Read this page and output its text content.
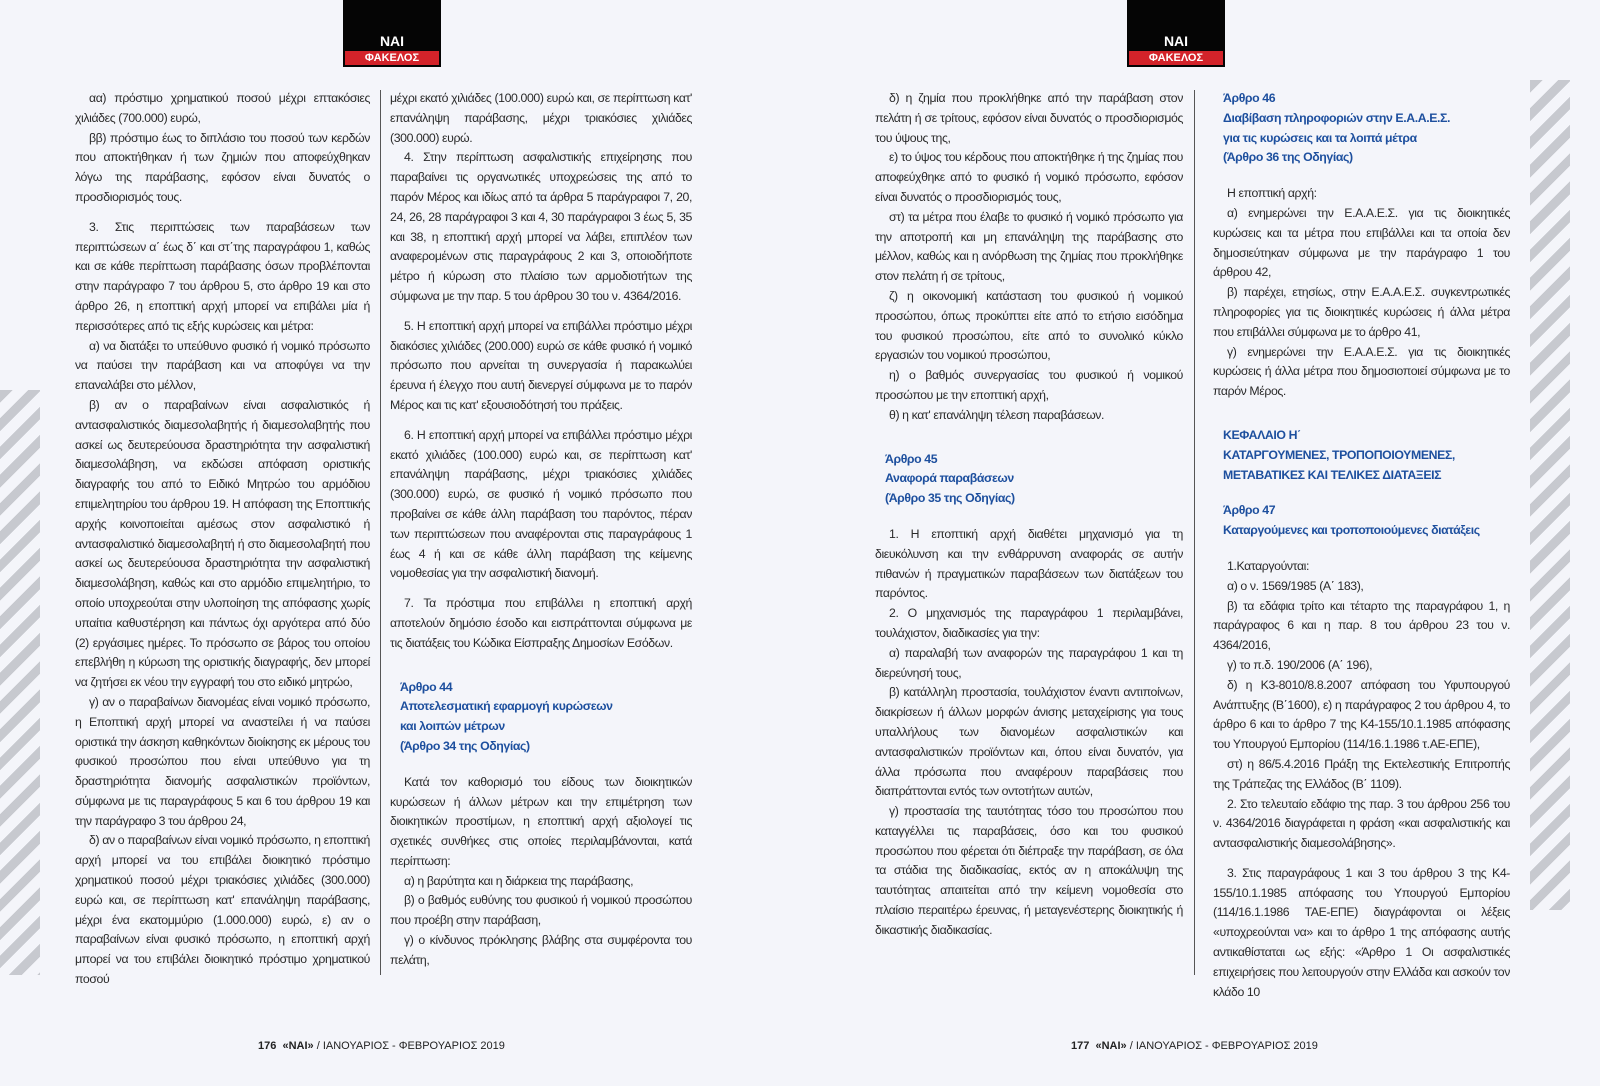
ΝΑΙ
ΦΑΚΕΛΟΣ
ΝΑΙ
ΦΑΚΕΛΟΣ

αα) πρόστιμο χρηματικού ποσού μέχρι επτακόσιες χιλιάδες (700.000) ευρώ,

ββ) πρόστιμο έως το διπλάσιο του ποσού των κερδών που αποκτήθηκαν ή των ζημιών που αποφεύχθηκαν λόγω της παράβασης, εφόσον είναι δυνατός ο προσδιορισμός τους.

3. Στις περιπτώσεις των παραβάσεων των περιπτώσεων α΄ έως δ΄ και στ΄της παραγράφου 1, καθώς και σε κάθε περίπτωση παράβασης όσων προβλέπονται στην παράγραφο 7 του άρθρου 5, στο άρθρο 19 και στο άρθρο 26, η εποπτική αρχή μπορεί να επιβάλει μία ή περισσότερες από τις εξής κυρώσεις και μέτρα:

α) να διατάξει το υπεύθυνο φυσικό ή νομικό πρόσωπο να παύσει την παράβαση και να αποφύγει να την επαναλάβει στο μέλλον,

β) αν ο παραβαίνων είναι ασφαλιστικός ή αντασφαλιστικός διαμεσολαβητής ή διαμεσολαβητής που ασκεί ως δευτερεύουσα δραστηριότητα την ασφαλιστική διαμεσολάβηση, να εκδώσει απόφαση οριστικής διαγραφής του από το Ειδικό Μητρώο του αρμόδιου επιμελητηρίου του άρθρου 19. Η απόφαση της Εποπτικής αρχής κοινοποιείται αμέσως στον ασφαλιστικό ή αντασφαλιστικό διαμεσολαβητή ή στο διαμεσολαβητή που ασκεί ως δευτερεύουσα δραστηριότητα την ασφαλιστική διαμεσολάβηση, καθώς και στο αρμόδιο επιμελητήριο, το οποίο υποχρεούται στην υλοποίηση της απόφασης χωρίς υπαίτια καθυστέρηση και πάντως όχι αργότερα από δύο (2) εργάσιμες ημέρες. Το πρόσωπο σε βάρος του οποίου επεβλήθη η κύρωση της οριστικής διαγραφής, δεν μπορεί να ζητήσει εκ νέου την εγγραφή του στο ειδικό μητρώο,

γ) αν ο παραβαίνων διανομέας είναι νομικό πρόσωπο, η Εποπτική αρχή μπορεί να αναστείλει ή να παύσει οριστικά την άσκηση καθηκόντων διοίκησης εκ μέρους του φυσικού προσώπου που είναι υπεύθυνο για τη δραστηριότητα διανομής ασφαλιστικών προϊόντων, σύμφωνα με τις παραγράφους 5 και 6 του άρθρου 19 και την παράγραφο 3 του άρθρου 24,

δ) αν ο παραβαίνων είναι νομικό πρόσωπο, η εποπτική αρχή μπορεί να του επιβάλει διοικητικό πρόστιμο χρηματικού ποσού μέχρι τριακόσιες χιλιάδες (300.000) ευρώ και, σε περίπτωση κατ' επανάληψη παράβασης, μέχρι ένα εκατομμύριο (1.000.000) ευρώ, ε) αν ο παραβαίνων είναι φυσικό πρόσωπο, η εποπτική αρχή μπορεί να του επιβάλει διοικητικό πρόστιμο χρηματικού ποσού

μέχρι εκατό χιλιάδες (100.000) ευρώ και, σε περίπτωση κατ' επανάληψη παράβασης, μέχρι τριακόσιες χιλιάδες (300.000) ευρώ.

4. Στην περίπτωση ασφαλιστικής επιχείρησης που παραβαίνει τις οργανωτικές υποχρεώσεις της από το παρόν Μέρος και ιδίως από τα άρθρα 5 παράγραφοι 7, 20, 24, 26, 28 παράγραφοι 3 και 4, 30 παράγραφοι 3 έως 5, 35 και 38, η εποπτική αρχή μπορεί να λάβει, επιπλέον των αναφερομένων στις παραγράφους 2 και 3, οποιοδήποτε μέτρο ή κύρωση στο πλαίσιο των αρμοδιοτήτων της σύμφωνα με την παρ. 5 του άρθρου 30 του ν. 4364/2016.

5. Η εποπτική αρχή μπορεί να επιβάλλει πρόστιμο μέχρι διακόσιες χιλιάδες (200.000) ευρώ σε κάθε φυσικό ή νομικό πρόσωπο που αρνείται τη συνεργασία ή παρακωλύει έρευνα ή έλεγχο που αυτή διενεργεί σύμφωνα με το παρόν Μέρος και τις κατ' εξουσιοδότησή του πράξεις.

6. Η εποπτική αρχή μπορεί να επιβάλλει πρόστιμο μέχρι εκατό χιλιάδες (100.000) ευρώ και, σε περίπτωση κατ' επανάληψη παράβασης, μέχρι τριακόσιες χιλιάδες (300.000) ευρώ, σε φυσικό ή νομικό πρόσωπο που προβαίνει σε κάθε άλλη παράβαση του παρόντος, πέραν των περιπτώσεων που αναφέρονται στις παραγράφους 1 έως 4 ή και σε κάθε άλλη παράβαση της κείμενης νομοθεσίας για την ασφαλιστική διανομή.

7. Τα πρόστιμα που επιβάλλει η εποπτική αρχή αποτελούν δημόσιο έσοδο και εισπράττονται σύμφωνα με τις διατάξεις του Κώδικα Είσπραξης Δημοσίων Εσόδων.

Άρθρο 44
Αποτελεσματική εφαρμογή κυρώσεων
και λοιπών μέτρων
(Άρθρο 34 της Οδηγίας)

Κατά τον καθορισμό του είδους των διοικητικών κυρώσεων ή άλλων μέτρων και την επιμέτρηση των διοικητικών προστίμων, η εποπτική αρχή αξιολογεί τις σχετικές συνθήκες στις οποίες περιλαμβάνονται, κατά περίπτωση:

α) η βαρύτητα και η διάρκεια της παράβασης,

β) ο βαθμός ευθύνης του φυσικού ή νομικού προσώπου που προέβη στην παράβαση,

γ) ο κίνδυνος πρόκλησης βλάβης στα συμφέροντα του πελάτη,

δ) η ζημία που προκλήθηκε από την παράβαση στον πελάτη ή σε τρίτους, εφόσον είναι δυνατός ο προσδιορισμός του ύψους της,

ε) το ύψος του κέρδους που αποκτήθηκε ή της ζημίας που αποφεύχθηκε από το φυσικό ή νομικό πρόσωπο, εφόσον είναι δυνατός ο προσδιορισμός τους,

στ) τα μέτρα που έλαβε το φυσικό ή νομικό πρόσωπο για την αποτροπή και μη επανάληψη της παράβασης στο μέλλον, καθώς και η ανόρθωση της ζημίας που προκλήθηκε στον πελάτη ή σε τρίτους,

ζ) η οικονομική κατάσταση του φυσικού ή νομικού προσώπου, όπως προκύπτει είτε από το ετήσιο εισόδημα του φυσικού προσώπου, είτε από το συνολικό κύκλο εργασιών του νομικού προσώπου,

η) ο βαθμός συνεργασίας του φυσικού ή νομικού προσώπου με την εποπτική αρχή,

θ) η κατ' επανάληψη τέλεση παραβάσεων.

Άρθρο 45
Αναφορά παραβάσεων
(Άρθρο 35 της Οδηγίας)

1. Η εποπτική αρχή διαθέτει μηχανισμό για τη διευκόλυνση και την ενθάρρυνση αναφοράς σε αυτήν πιθανών ή πραγματικών παραβάσεων των διατάξεων του παρόντος.

2. Ο μηχανισμός της παραγράφου 1 περιλαμβάνει, τουλάχιστον, διαδικασίες για την:

α) παραλαβή των αναφορών της παραγράφου 1 και τη διερεύνησή τους,

β) κατάλληλη προστασία, τουλάχιστον έναντι αντιποίνων, διακρίσεων ή άλλων μορφών άνισης μεταχείρισης για τους υπαλλήλους των διανομέων ασφαλιστικών και αντασφαλιστικών προϊόντων και, όπου είναι δυνατόν, για άλλα πρόσωπα που αναφέρουν παραβάσεις που διαπράττονται εντός των οντοτήτων αυτών,

γ) προστασία της ταυτότητας τόσο του προσώπου που καταγγέλλει τις παραβάσεις, όσο και του φυσικού προσώπου που φέρεται ότι διέπραξε την παράβαση, σε όλα τα στάδια της διαδικασίας, εκτός αν η αποκάλυψη της ταυτότητας απαιτείται από την κείμενη νομοθεσία στο πλαίσιο περαιτέρω έρευνας, ή μεταγενέστερης διοικητικής ή δικαστικής διαδικασίας.

Άρθρο 46
Διαβίβαση πληροφοριών στην Ε.Α.Α.Ε.Σ.
για τις κυρώσεις και τα λοιπά μέτρα
(Άρθρο 36 της Οδηγίας)

Η εποπτική αρχή:

α) ενημερώνει την Ε.Α.Α.Ε.Σ. για τις διοικητικές κυρώσεις και τα μέτρα που επιβάλλει και τα οποία δεν δημοσιεύτηκαν σύμφωνα με την παράγραφο 1 του άρθρου 42,

β) παρέχει, ετησίως, στην Ε.Α.Α.Ε.Σ. συγκεντρωτικές πληροφορίες για τις διοικητικές κυρώσεις ή άλλα μέτρα που επιβάλλει σύμφωνα με το άρθρο 41,

γ) ενημερώνει την Ε.Α.Α.Ε.Σ. για τις διοικητικές κυρώσεις ή άλλα μέτρα που δημοσιοποιεί σύμφωνα με το παρόν Μέρος.

ΚΕΦΑΛΑΙΟ Η΄
ΚΑΤΑΡΓΟΥΜΕΝΕΣ, ΤΡΟΠΟΠΟΙΟΥΜΕΝΕΣ,
ΜΕΤΑΒΑΤΙΚΕΣ ΚΑΙ ΤΕΛΙΚΕΣ ΔΙΑΤΑΞΕΙΣ
Άρθρο 47
Καταργούμενες και τροποποιούμενες διατάξεις

1.Καταργούνται:

α) ο ν. 1569/1985 (Α΄ 183),

β) τα εδάφια τρίτο και τέταρτο της παραγράφου 1, η παράγραφος 6 και η παρ. 8 του άρθρου 23 του ν. 4364/2016,

γ) το π.δ. 190/2006 (Α΄ 196),

δ) η Κ3-8010/8.8.2007 απόφαση του Υφυπουργού Ανάπτυξης (Β΄1600), ε) η παράγραφος 2 του άρθρου 4, το άρθρο 6 και το άρθρο 7 της Κ4-155/10.1.1985 απόφασης του Υπουργού Εμπορίου (114/16.1.1986 τ.ΑΕ-ΕΠΕ),

στ) η 86/5.4.2016 Πράξη της Εκτελεστικής Επιτροπής της Τράπεζας της Ελλάδος (Β΄ 1109).

2. Στο τελευταίο εδάφιο της παρ. 3 του άρθρου 256 του ν. 4364/2016 διαγράφεται η φράση «και ασφαλιστικής και αντασφαλιστικής διαμεσολάβησης».

3. Στις παραγράφους 1 και 3 του άρθρου 3 της Κ4-155/10.1.1985 απόφασης του Υπουργού Εμπορίου (114/16.1.1986 ΤΑΕ-ΕΠΕ) διαγράφονται οι λέξεις «υποχρεούνται να» και το άρθρο 1 της απόφασης αυτής αντικαθίσταται ως εξής: «Άρθρο 1 Οι ασφαλιστικές επιχειρήσεις που λειτουργούν στην Ελλάδα και ασκούν τον κλάδο 10

176 «ΝΑΙ» / ΙΑΝΟΥΑΡΙΟΣ - ΦΕΒΡΟΥΑΡΙΟΣ 2019	177 «ΝΑΙ» / ΙΑΝΟΥΑΡΙΟΣ - ΦΕΒΡΟΥΑΡΙΟΣ 2019
